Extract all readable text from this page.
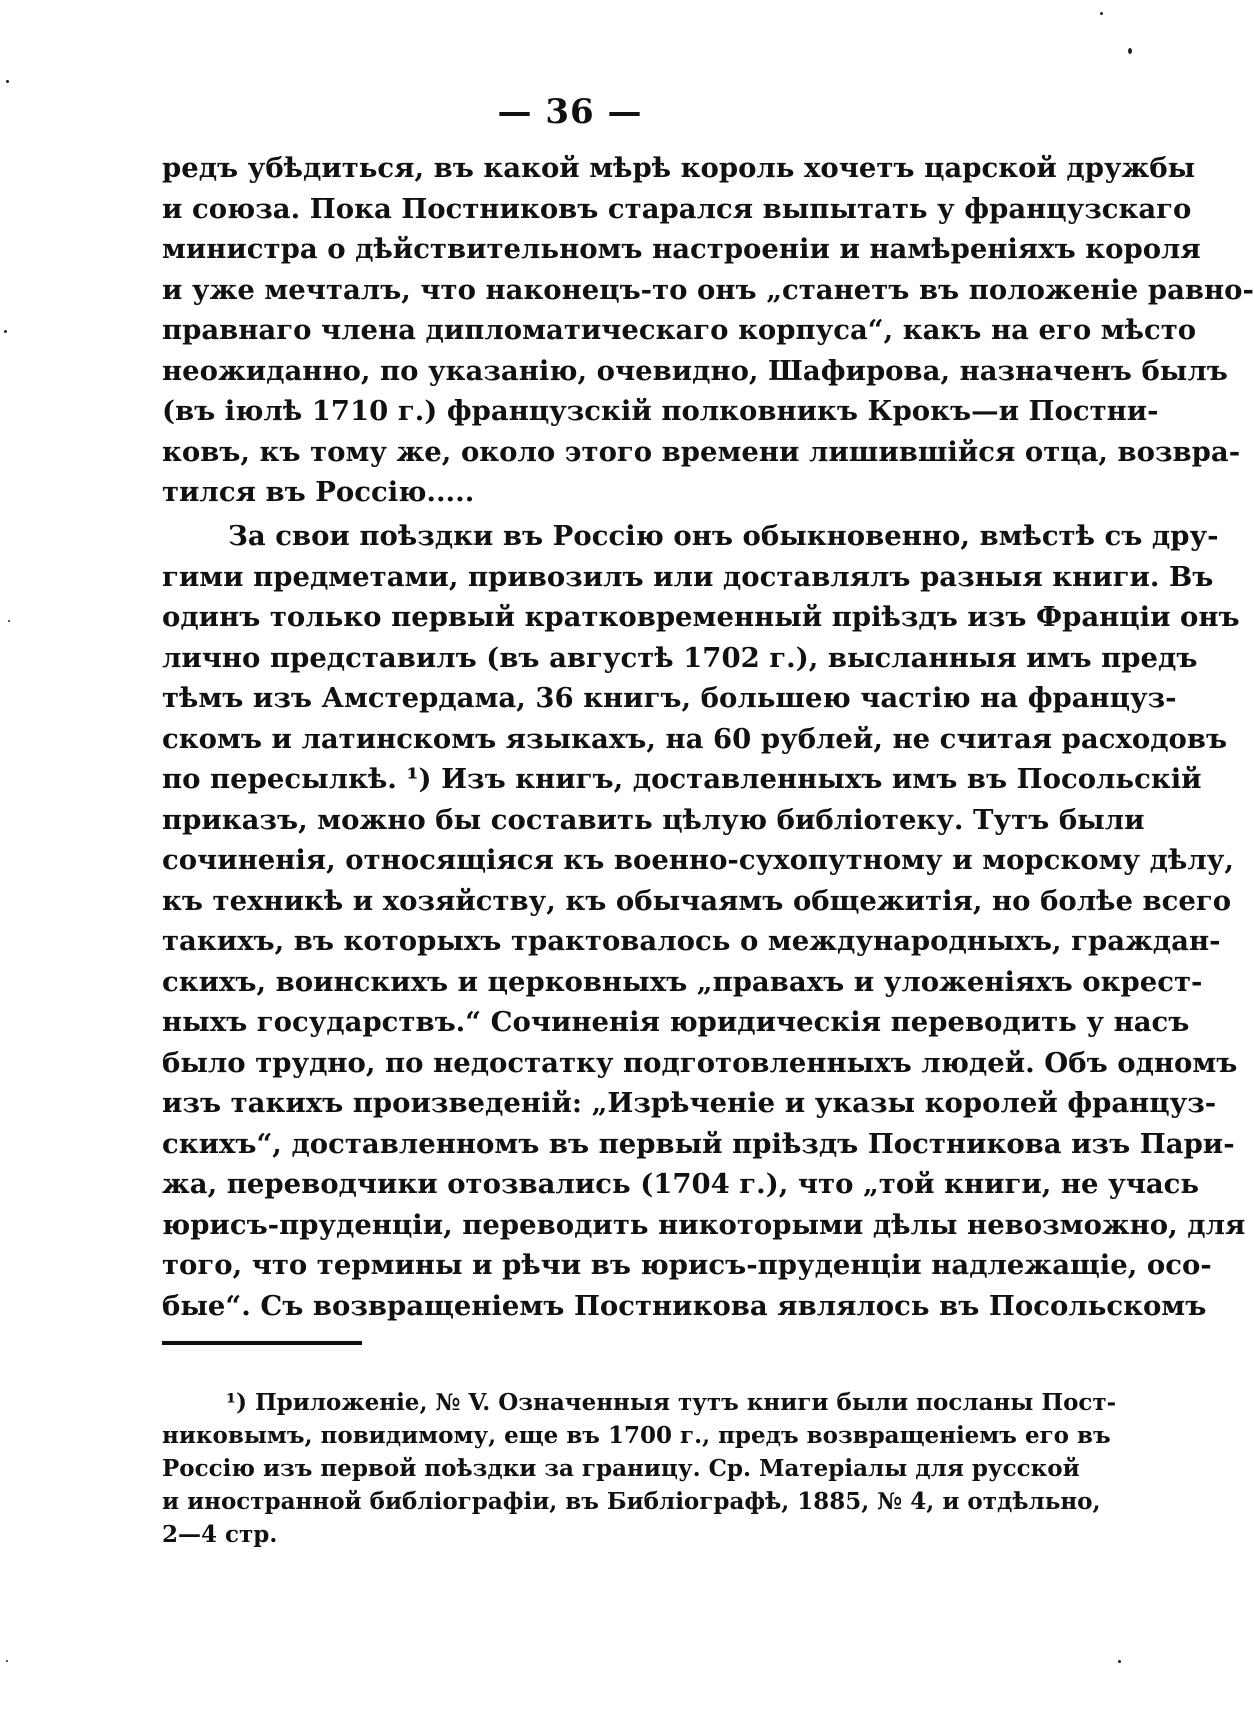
— 36 —
редъ убѣдиться, въ какой мѣрѣ король хочетъ царской дружбы
и союза. Пока Постниковъ старался выпытать у французскаго
министра о дѣйствительномъ настроеніи и намѣреніяхъ короля
и уже мечталъ, что наконецъ-то онъ „станетъ въ положеніе равно-
правнаго члена дипломатическаго корпуса“, какъ на его мѣсто
неожиданно, по указанію, очевидно, Шафирова, назначенъ былъ
(въ іюлѣ 1710 г.) французскій полковникъ Крокъ—и Постни-
ковъ, къ тому же, около этого времени лишившійся отца, возвра-
тился въ Россію.....
За свои поѣздки въ Россію онъ обыкновенно, вмѣстѣ съ дру-
гими предметами, привозилъ или доставлялъ разныя книги. Въ
одинъ только первый кратковременный пріѣздъ изъ Франціи онъ
лично представилъ (въ августѣ 1702 г.), высланныя имъ предъ
тѣмъ изъ Амстердама, 36 книгъ, большею частію на француз-
скомъ и латинскомъ языкахъ, на 60 рублей, не считая расходовъ
по пересылкѣ. ¹) Изъ книгъ, доставленныхъ имъ въ Посольскій
приказъ, можно бы составить цѣлую библіотеку. Тутъ были
сочиненія, относящіяся къ военно-сухопутному и морскому дѣлу,
къ техникѣ и хозяйству, къ обычаямъ общежитія, но болѣе всего
такихъ, въ которыхъ трактовалось о международныхъ, граждан-
скихъ, воинскихъ и церковныхъ „правахъ и уложеніяхъ окрест-
ныхъ государствъ.“ Сочиненія юридическія переводить у насъ
было трудно, по недостатку подготовленныхъ людей. Объ одномъ
изъ такихъ произведеній: „Изрѣченіе и указы королей француз-
скихъ“, доставленномъ въ первый пріѣздъ Постникова изъ Пари-
жа, переводчики отозвались (1704 г.), что „той книги, не учась
юрисъ-пруденціи, переводить никоторыми дѣлы невозможно, для
того, что термины и рѣчи въ юрисъ-пруденціи надлежащіе, осо-
бые“. Съ возвращеніемъ Постникова являлось въ Посольскомъ
¹) Приложеніе, № V. Означенныя тутъ книги были посланы Пост-
никовымъ, повидимому, еще въ 1700 г., предъ возвращеніемъ его въ
Россію изъ первой поѣздки за границу. Ср. Матеріалы для русской
и иностранной библіографіи, въ Библіографѣ, 1885, № 4, и отдѣльно,
2—4 стр.
